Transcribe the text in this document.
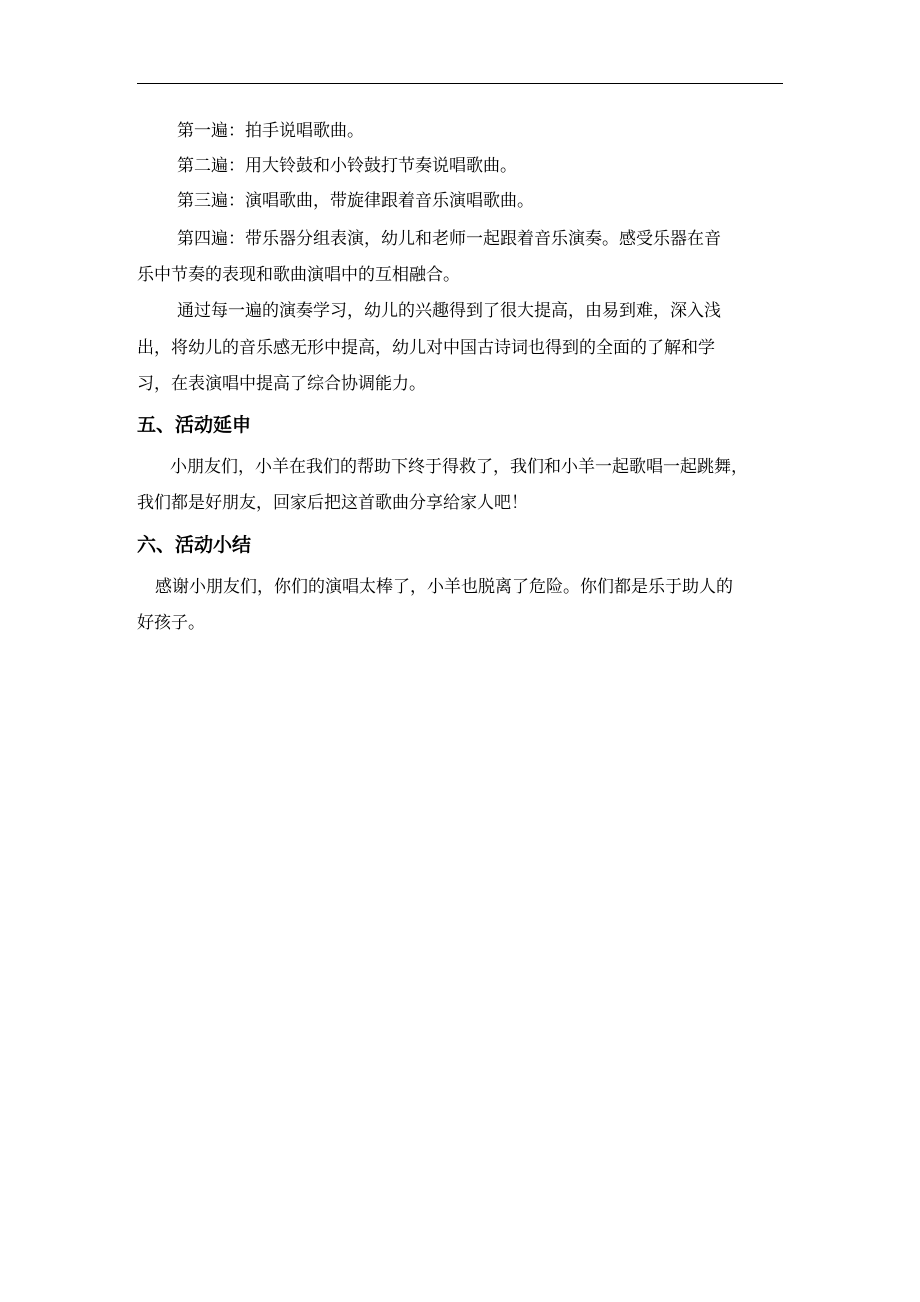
第一遍：拍手说唱歌曲。
第二遍：用大铃鼓和小铃鼓打节奏说唱歌曲。
第三遍：演唱歌曲，带旋律跟着音乐演唱歌曲。
第四遍：带乐器分组表演，幼儿和老师一起跟着音乐演奏。感受乐器在音
乐中节奏的表现和歌曲演唱中的互相融合。
通过每一遍的演奏学习，幼儿的兴趣得到了很大提高，由易到难，深入浅
出，将幼儿的音乐感无形中提高，幼儿对中国古诗词也得到的全面的了解和学
习，在表演唱中提高了综合协调能力。
五、活动延申
小朋友们，小羊在我们的帮助下终于得救了，我们和小羊一起歌唱一起跳舞，
我们都是好朋友，回家后把这首歌曲分享给家人吧！
六、活动小结
感谢小朋友们，你们的演唱太棒了，小羊也脱离了危险。你们都是乐于助人的
好孩子。
